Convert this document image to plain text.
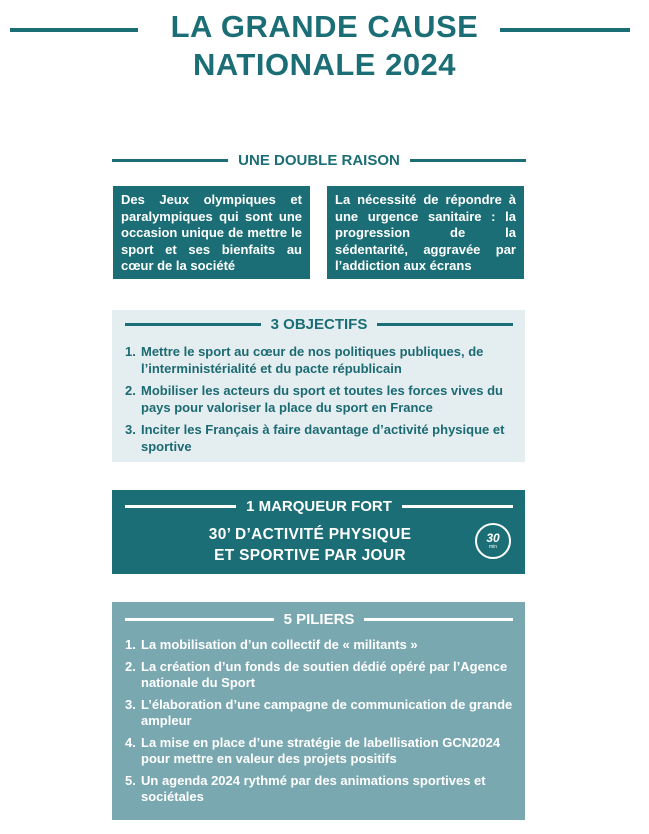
LA GRANDE CAUSE
NATIONALE 2024
UNE DOUBLE RAISON

Des Jeux olympiques et paralympiques qui sont une occasion unique de mettre le sport et ses bienfaits au cœur de la société

La nécessité de répondre à une urgence sanitaire : la progression de la sédentarité, aggravée par l’addiction aux écrans

3 OBJECTIFS
1. Mettre le sport au cœur de nos politiques publiques, de l’interministérialité et du pacte républicain
2. Mobiliser les acteurs du sport et toutes les forces vives du pays pour valoriser la place du sport en France
3. Inciter les Français à faire davantage d’activité physique et sportive
1 MARQUEUR FORT
30’ D’ACTIVITÉ PHYSIQUE
ET SPORTIVE PAR JOUR
30
min
5 PILIERS
1. La mobilisation d’un collectif de « militants »
2. La création d’un fonds de soutien dédié opéré par l’Agence nationale du Sport
3. L’élaboration d’une campagne de communication de grande ampleur
4. La mise en place d’une stratégie de labellisation GCN2024 pour mettre en valeur des projets positifs
5. Un agenda 2024 rythmé par des animations sportives et sociétales
